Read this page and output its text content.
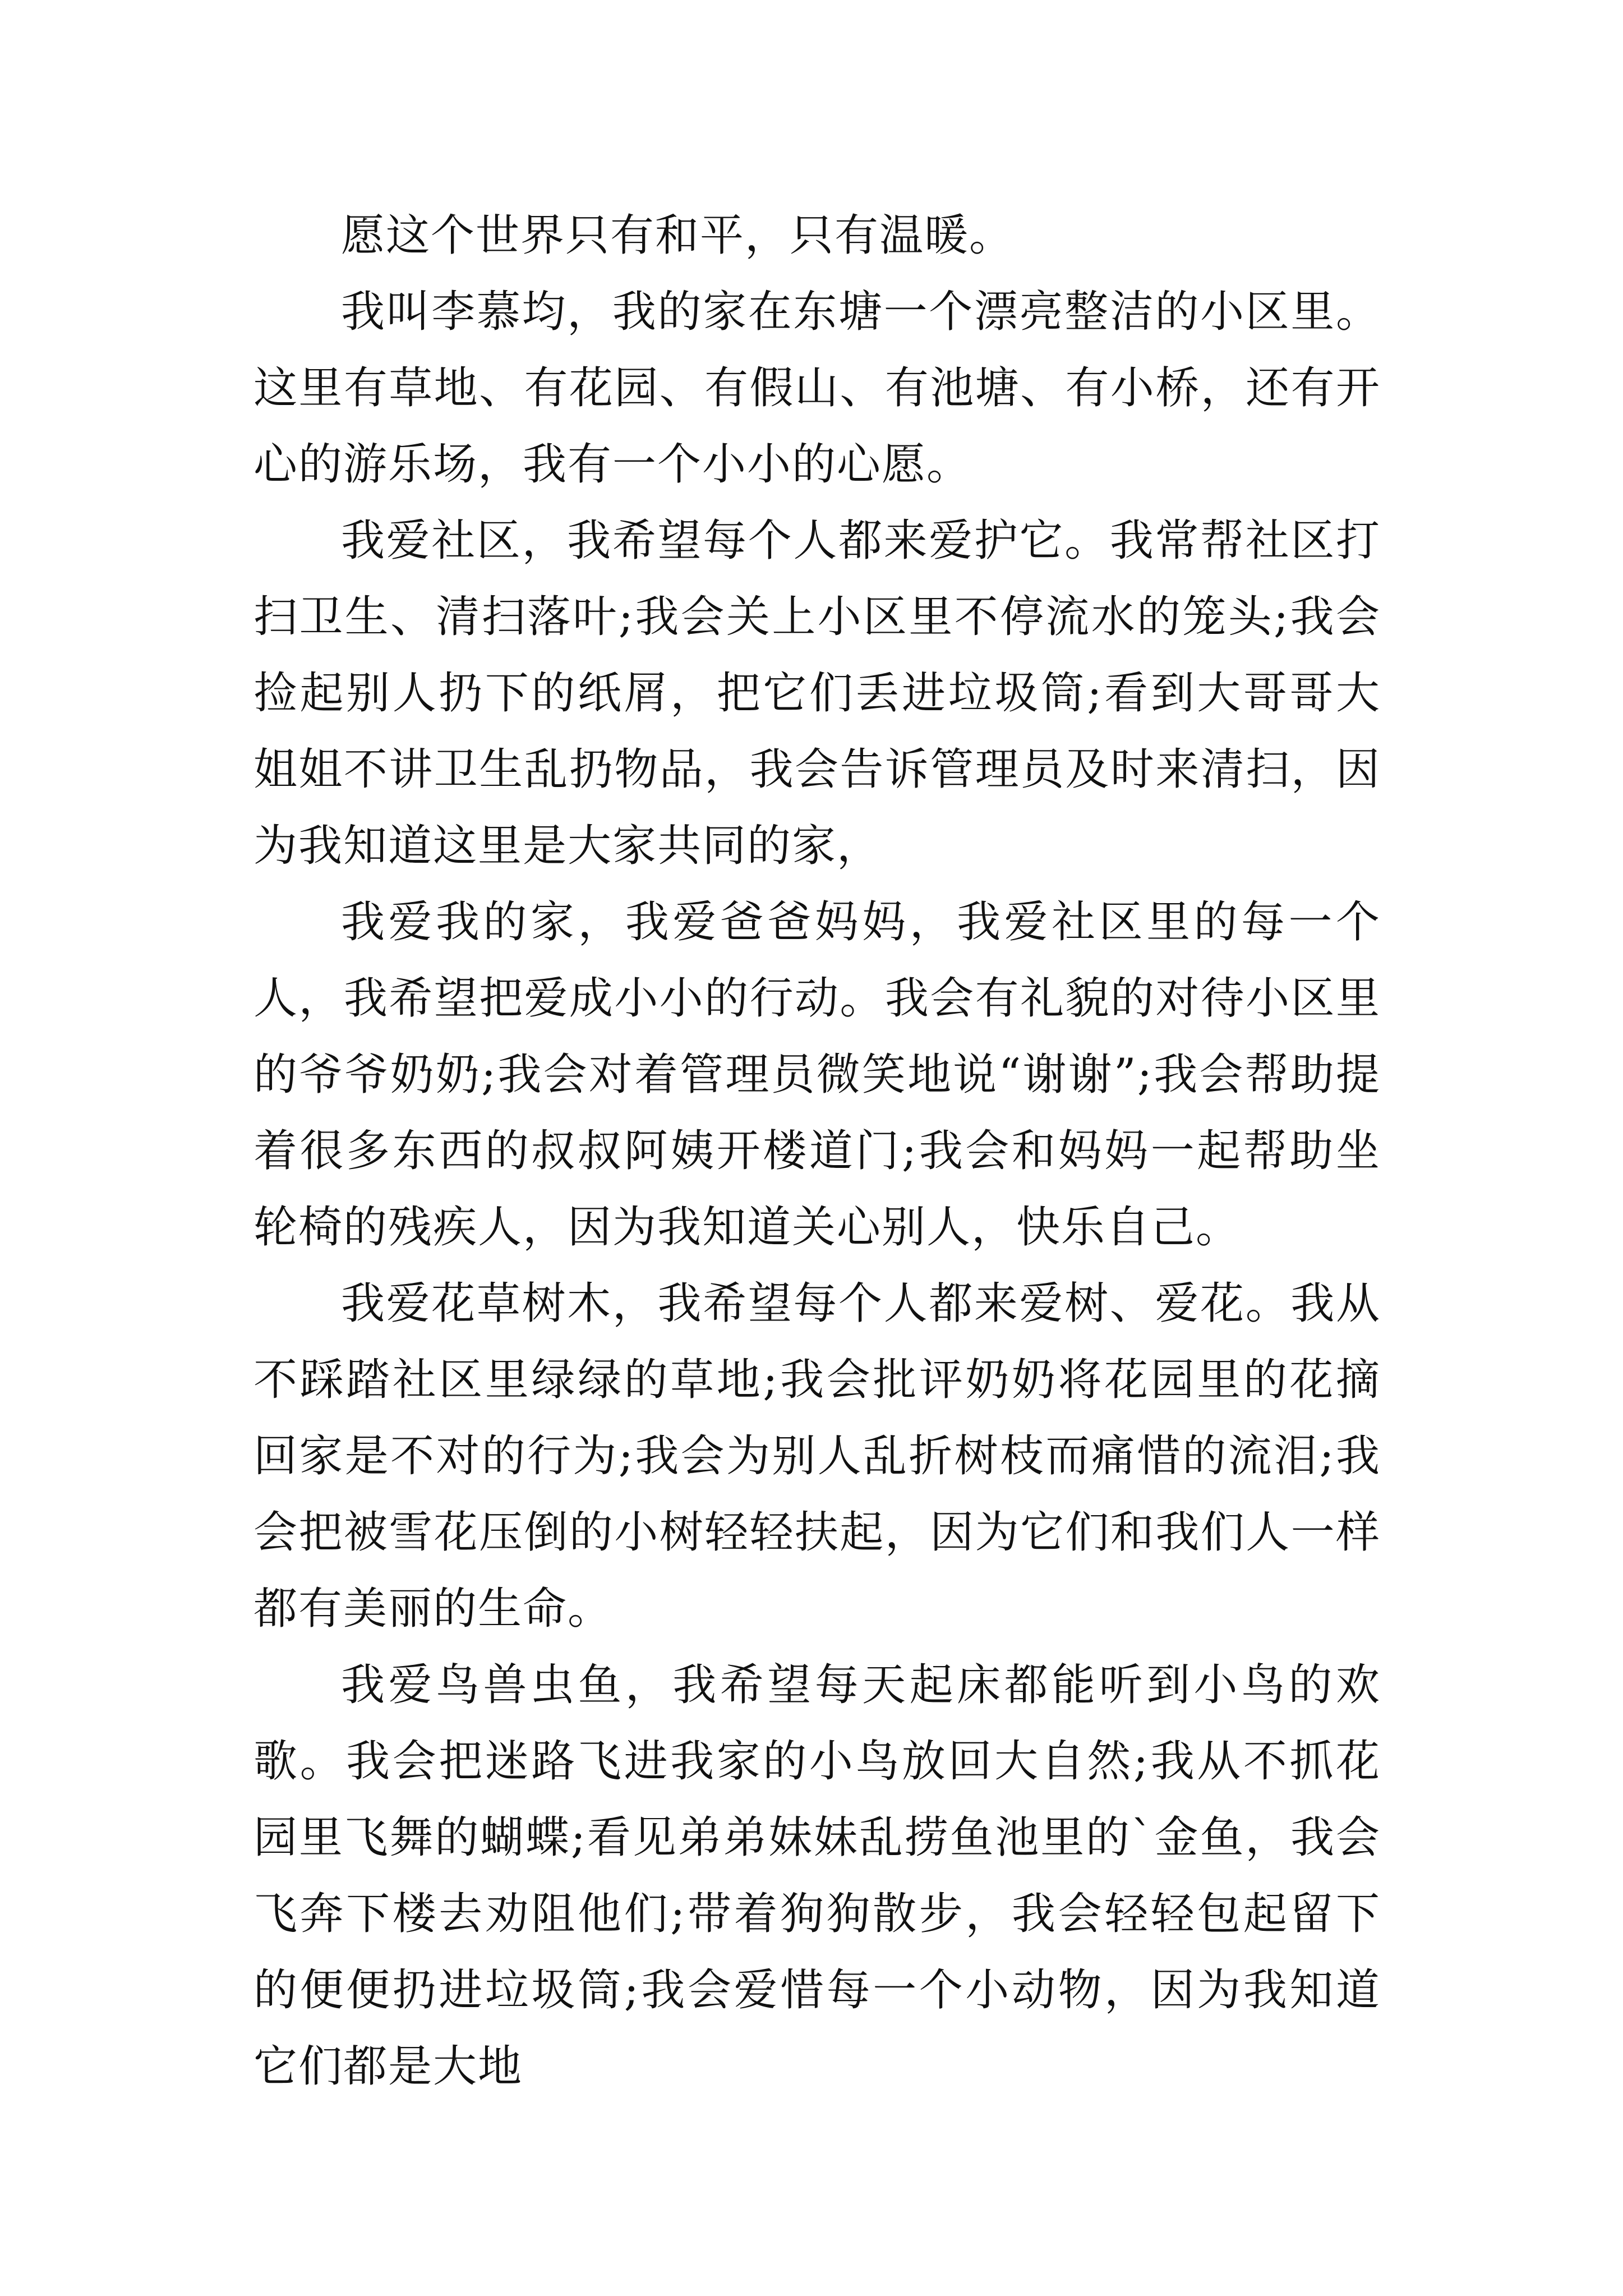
愿这个世界只有和平，只有温暖。

我叫李慕均，我的家在东塘一个漂亮整洁的小区里。这里有草地、有花园、有假山、有池塘、有小桥，还有开心的游乐场，我有一个小小的心愿。

我爱社区，我希望每个人都来爱护它。我常帮社区打扫卫生、清扫落叶;我会关上小区里不停流水的笼头;我会捡起别人扔下的纸屑，把它们丢进垃圾筒;看到大哥哥大姐姐不讲卫生乱扔物品，我会告诉管理员及时来清扫，因为我知道这里是大家共同的家，

我爱我的家，我爱爸爸妈妈，我爱社区里的每一个人，我希望把爱成小小的行动。我会有礼貌的对待小区里的爷爷奶奶;我会对着管理员微笑地说“谢谢”;我会帮助提着很多东西的叔叔阿姨开楼道门;我会和妈妈一起帮助坐轮椅的残疾人，因为我知道关心别人，快乐自己。

我爱花草树木，我希望每个人都来爱树、爱花。我从不踩踏社区里绿绿的草地;我会批评奶奶将花园里的花摘回家是不对的行为;我会为别人乱折树枝而痛惜的流泪;我会把被雪花压倒的小树轻轻扶起，因为它们和我们人一样都有美丽的生命。

我爱鸟兽虫鱼，我希望每天起床都能听到小鸟的欢歌。我会把迷路飞进我家的小鸟放回大自然;我从不抓花园里飞舞的蝴蝶;看见弟弟妹妹乱捞鱼池里的`金鱼，我会飞奔下楼去劝阻他们;带着狗狗散步，我会轻轻包起留下的便便扔进垃圾筒;我会爱惜每一个小动物，因为我知道它们都是大地
